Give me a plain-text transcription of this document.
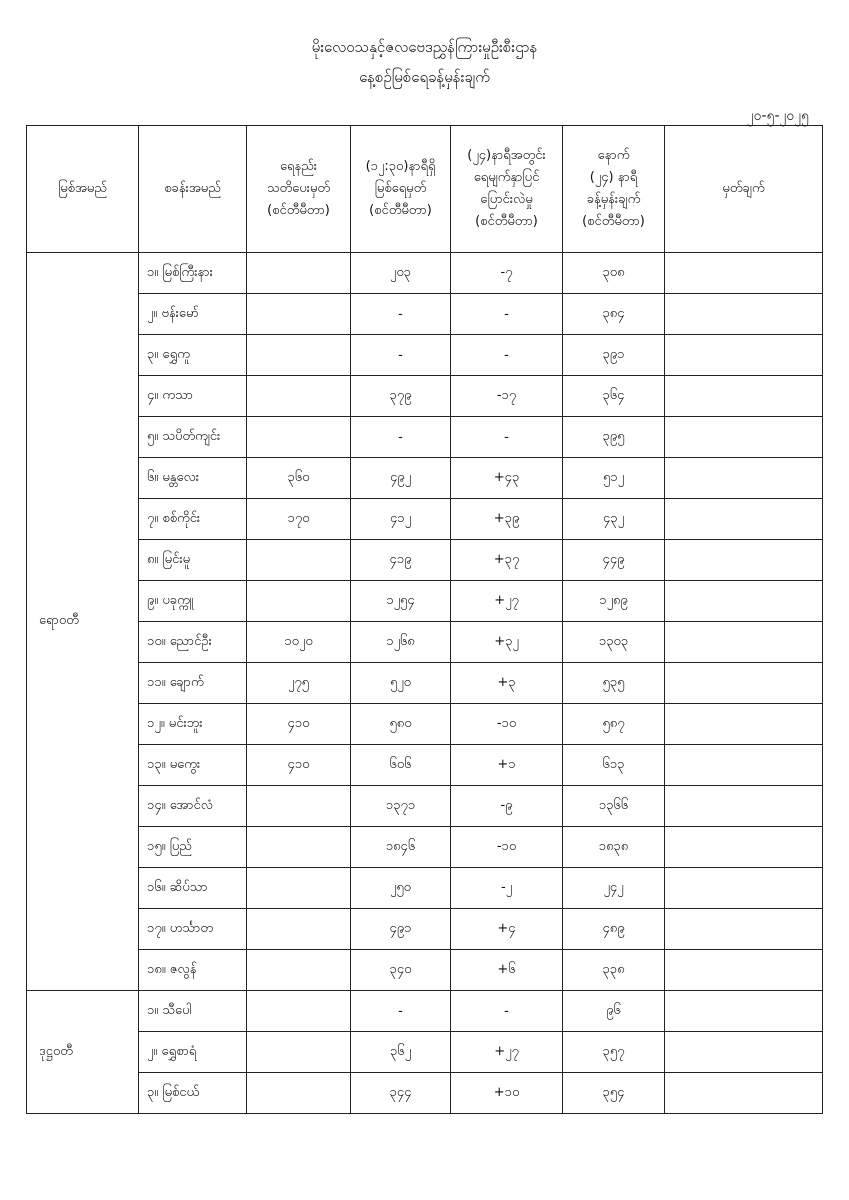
မိုးလေဝသနှင့်ဇလဗေဒညွှန်ကြားမှုဦးစီးဌာန
နေ့စဉ်မြစ်ရေခန့်မှန်းချက်
၂၀-၅-၂၀၂၅
မြစ်အမည်	စခန်းအမည်	ရေနည်း
သတိပေးမှတ်
(စင်တီမီတာ)	(၁၂:၃၀)နာရီရှိ
မြစ်ရေမှတ်
(စင်တီမီတာ)	(၂၄)နာရီအတွင်း
ရေမျက်နှာပြင်
ပြောင်းလဲမှု
(စင်တီမီတာ)	နောက်
(၂၄) နာရီ
ခန့်မှန်းချက်
(စင်တီမီတာ)	မှတ်ချက်
ရောဝတီ	၁။ မြစ်ကြီးနား		၂၀၃	-၇	၃၀၈	
	၂။ ဗန်းမော်		-	-	၃၈၄	
	၃။ ရွှေကူ		-	-	၃၉၁	
	၄။ ကသာ		၃၇၉	-၁၇	၃၆၄	
	၅။ သပိတ်ကျင်း		-	-	၃၉၅	
	၆။ မန္တလေး	၃၆၀	၄၉၂	+၄၃	၅၁၂	
	၇။ စစ်ကိုင်း	၁၇၀	၄၁၂	+၃၉	၄၃၂	
	၈။ မြင်းမူ		၄၁၉	+၃၇	၄၄၉	
	၉။ ပခုက္ကူ		၁၂၅၄	+၂၇	၁၂၈၉	
	၁၀။ ညောင်ဦး	၁၀၂၀	၁၂၆၈	+၃၂	၁၃၀၃	
	၁၁။ ချောက်	၂၇၅	၅၂၀	+၃	၅၃၅	
	၁၂။ မင်းဘူး	၄၁၀	၅၈၀	-၁၀	၅၈၇	
	၁၃။ မကွေး	၄၁၀	၆၀၆	+၁	၆၁၃	
	၁၄။ အောင်လံ		၁၃၇၁	-၉	၁၃၆၆	
	၁၅။ ပြည်		၁၈၄၆	-၁၀	၁၈၃၈	
	၁၆။ ဆိပ်သာ		၂၅၀	-၂	၂၄၂	
	၁၇။ ဟင်္သာတ		၄၉၁	+၄	၄၈၉	
	၁၈။ ဇလွန်		၃၄၀	+၆	၃၃၈	
ဒုဋ္ဌဝတီ	၁။ သီပေါ		-	-	၉၆	
	၂။ ရွှေစာရံ		၃၆၂	+၂၇	၃၅၇	
	၃။ မြစ်ငယ်		၃၄၄	+၁၀	၃၅၄	
